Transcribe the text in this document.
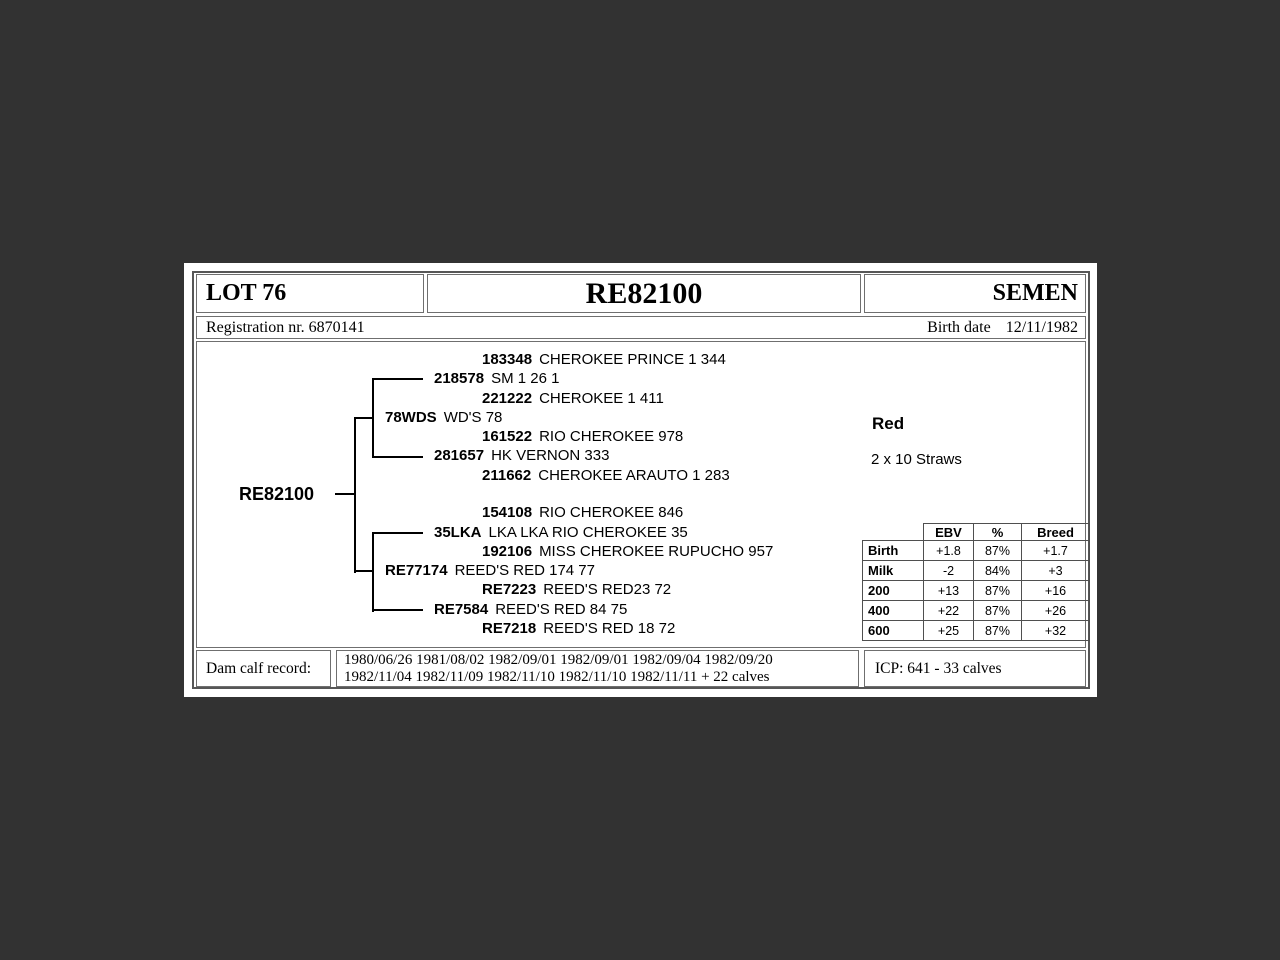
LOT 76	RE82100	SEMEN
Registration nr. 6870141	Birth date 12/11/1982
RE82100
183348 CHEROKEE PRINCE 1 344
218578 SM 1 26 1
221222 CHEROKEE 1 411
78WDS WD'S 78
161522 RIO CHEROKEE 978
281657 HK VERNON 333
211662 CHEROKEE ARAUTO 1 283
154108 RIO CHEROKEE 846
35LKA LKA LKA RIO CHEROKEE 35
192106 MISS CHEROKEE RUPUCHO 957
RE77174 REED'S RED 174 77
RE7223 REED'S RED23 72
RE7584 REED'S RED 84 75
RE7218 REED'S RED 18 72
Red
2 x 10 Straws
	EBV	%	Breed
Birth	+1.8	87%	+1.7
Milk	-2	84%	+3
200	+13	87%	+16
400	+22	87%	+26
600	+25	87%	+32
Dam calf record: 1980/06/26 1981/08/02 1982/09/01 1982/09/01 1982/09/04 1982/09/20
1982/11/04 1982/11/09 1982/11/10 1982/11/10 1982/11/11 + 22 calves	ICP: 641 - 33 calves
